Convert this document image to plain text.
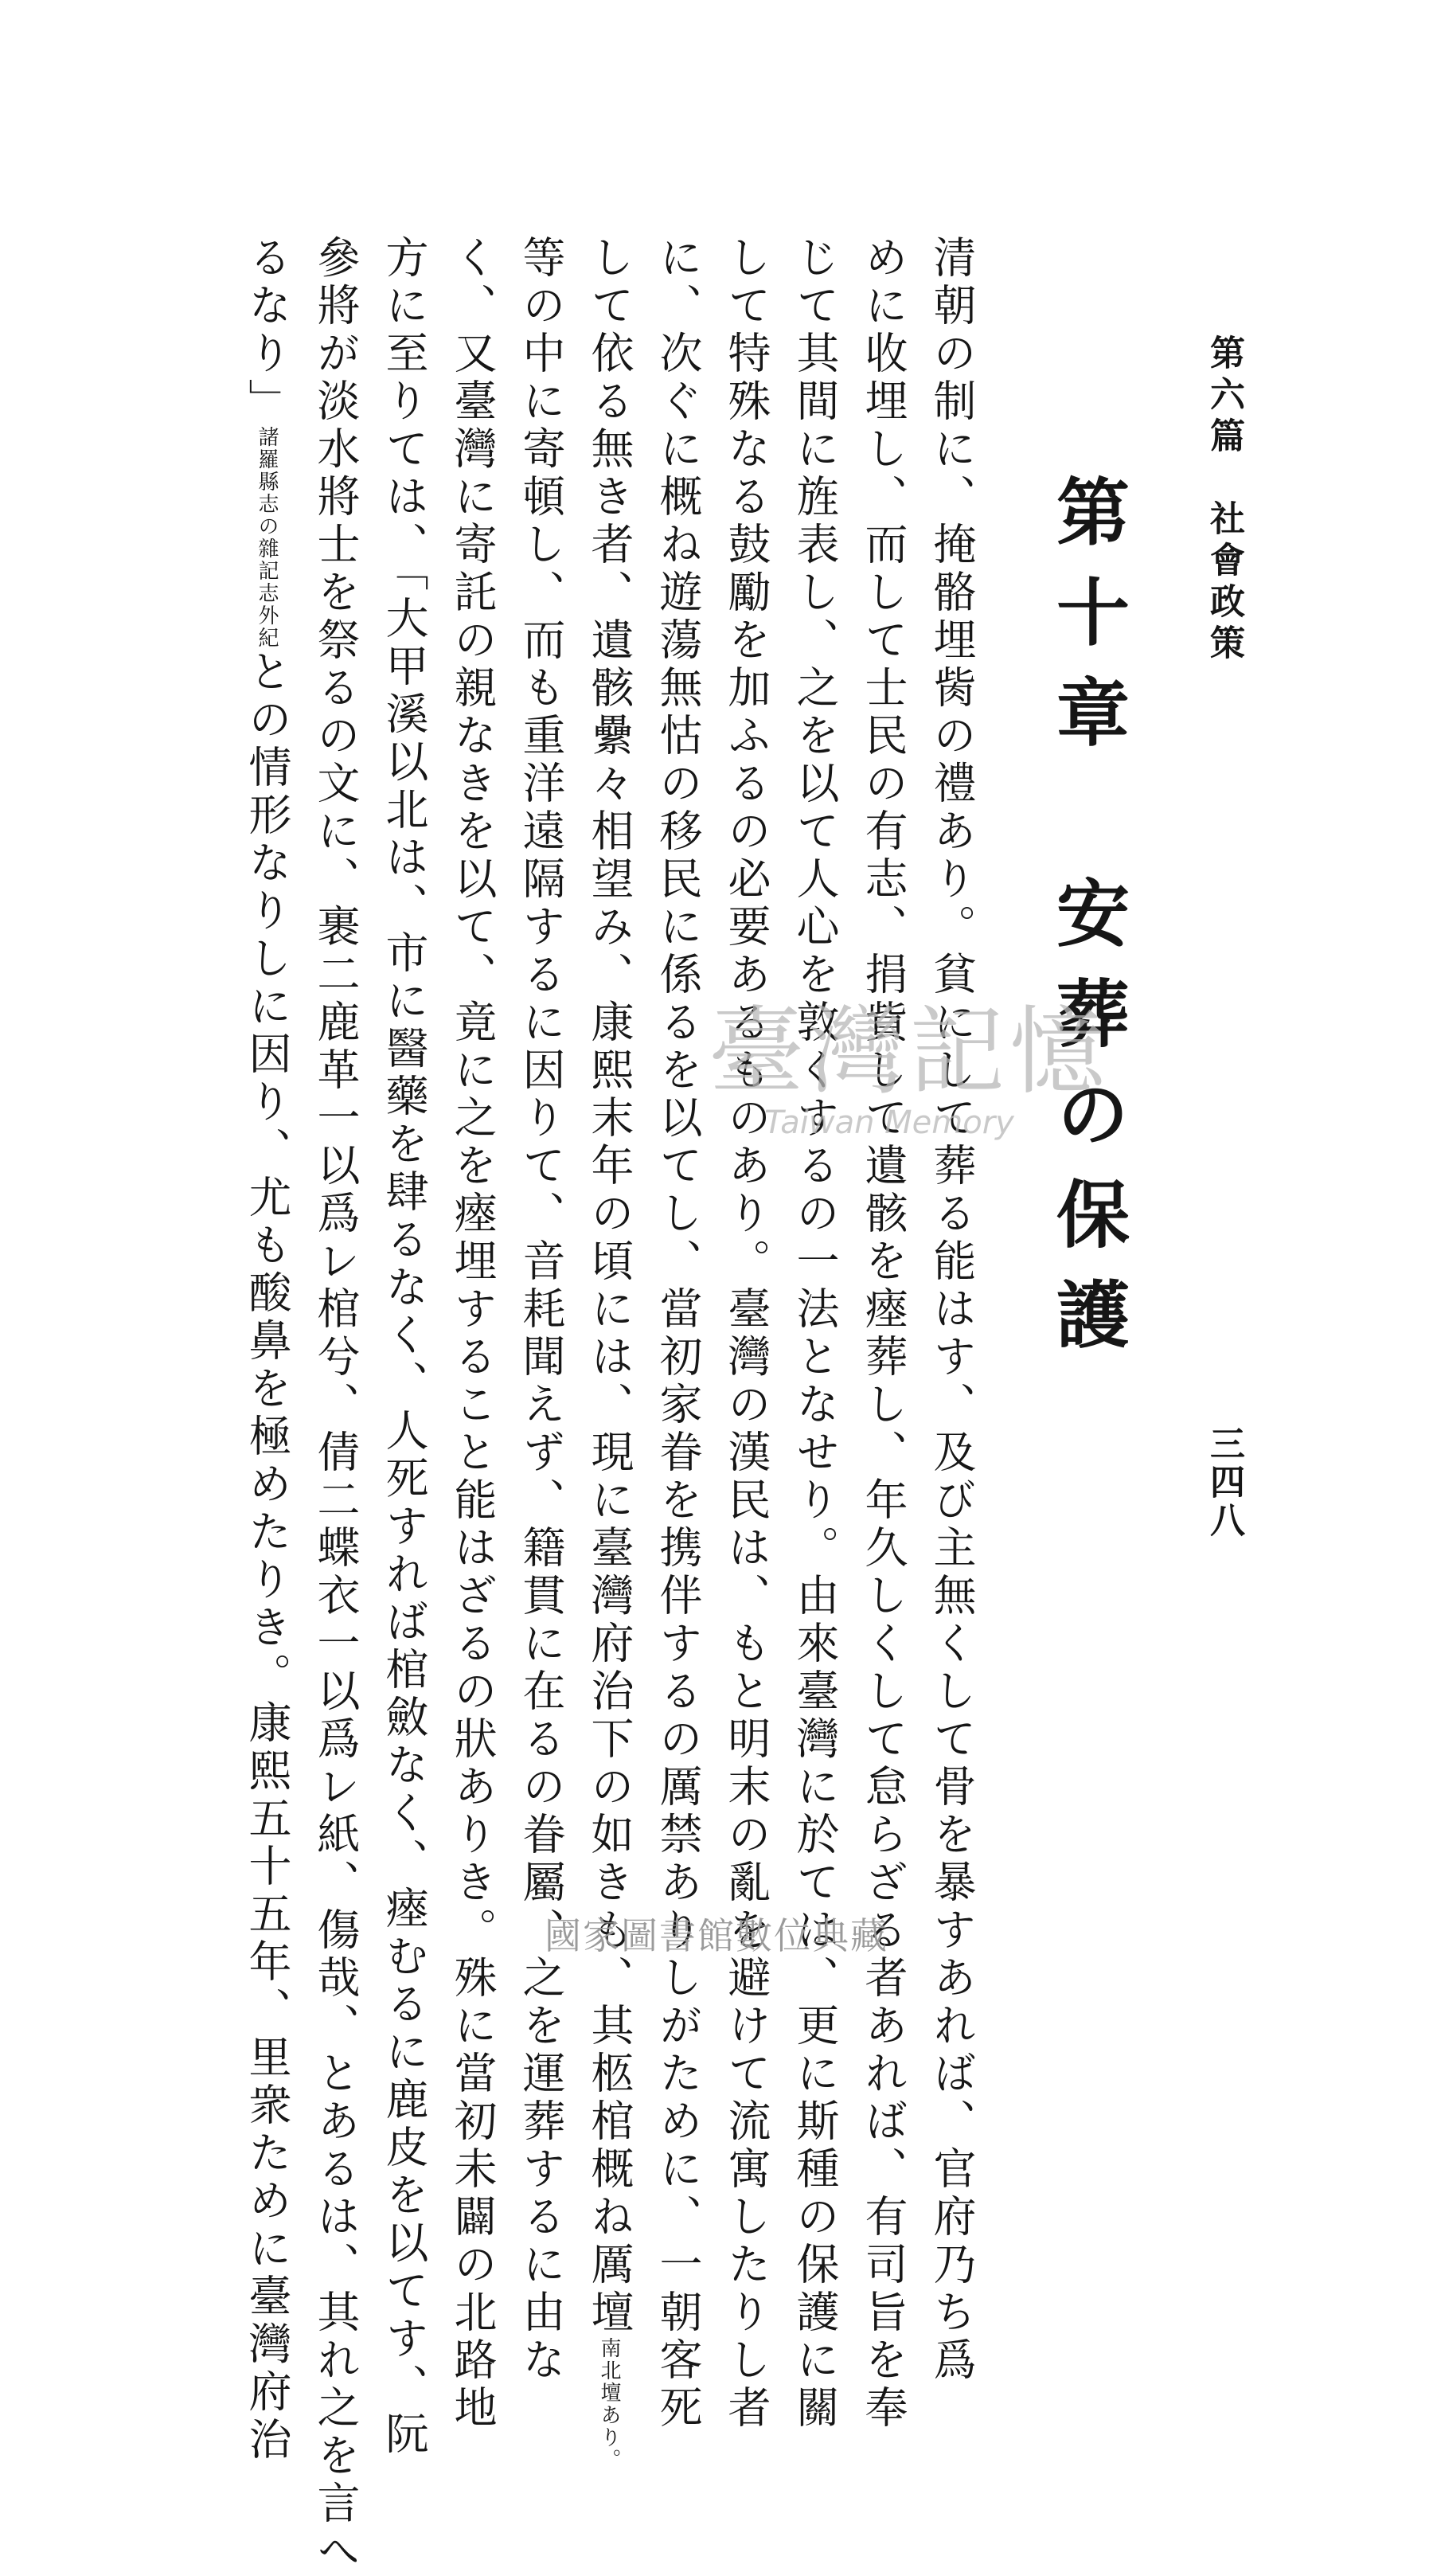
第六篇　社會政策
三四八
第十章　安葬の保護
清朝の制に、掩骼埋胔の禮あり。貧にして葬る能はす、及び主無くして骨を暴すあれば、官府乃ち爲
めに收埋し、而して士民の有志、捐貲して遺骸を瘞葬し、年久しくして怠らざる者あれば、有司旨を奉
じて其間に旌表し、之を以て人心を敦くするの一法となせり。由來臺灣に於ては、更に斯種の保護に關
して特殊なる鼓勵を加ふるの必要あるものあり。臺灣の漢民は、もと明末の亂を避けて流寓したりし者
に、次ぐに概ね遊蕩無怙の移民に係るを以てし、當初家眷を携伴するの厲禁ありしがために、一朝客死
して依る無き者、遺骸纍々相望み、康熙末年の頃には、現に臺灣府治下の如きも、其柩棺概ね厲壇南北壇あり。
等の中に寄頓し、而も重洋遠隔するに因りて、音耗聞えず、籍貫に在るの眷屬、之を運葬するに由な
く、又臺灣に寄託の親なきを以て、竟に之を瘞埋すること能はざるの狀ありき。殊に當初未闢の北路地
方に至りては、「大甲溪以北は、市に醫藥を肆るなく、人死すれば棺斂なく、瘞むるに鹿皮を以てす、阮
參將が淡水將士を祭るの文に、裹二鹿革一以爲レ棺兮、倩二蝶衣一以爲レ紙、傷哉、とあるは、其れ之を言へ
るなり」諸羅縣志の雜記志外紀との情形なりしに因り、尤も酸鼻を極めたりき。康熙五十五年、里衆ために臺灣府治	臺灣記憶
Taiwan Memory
國家圖書館數位典藏
